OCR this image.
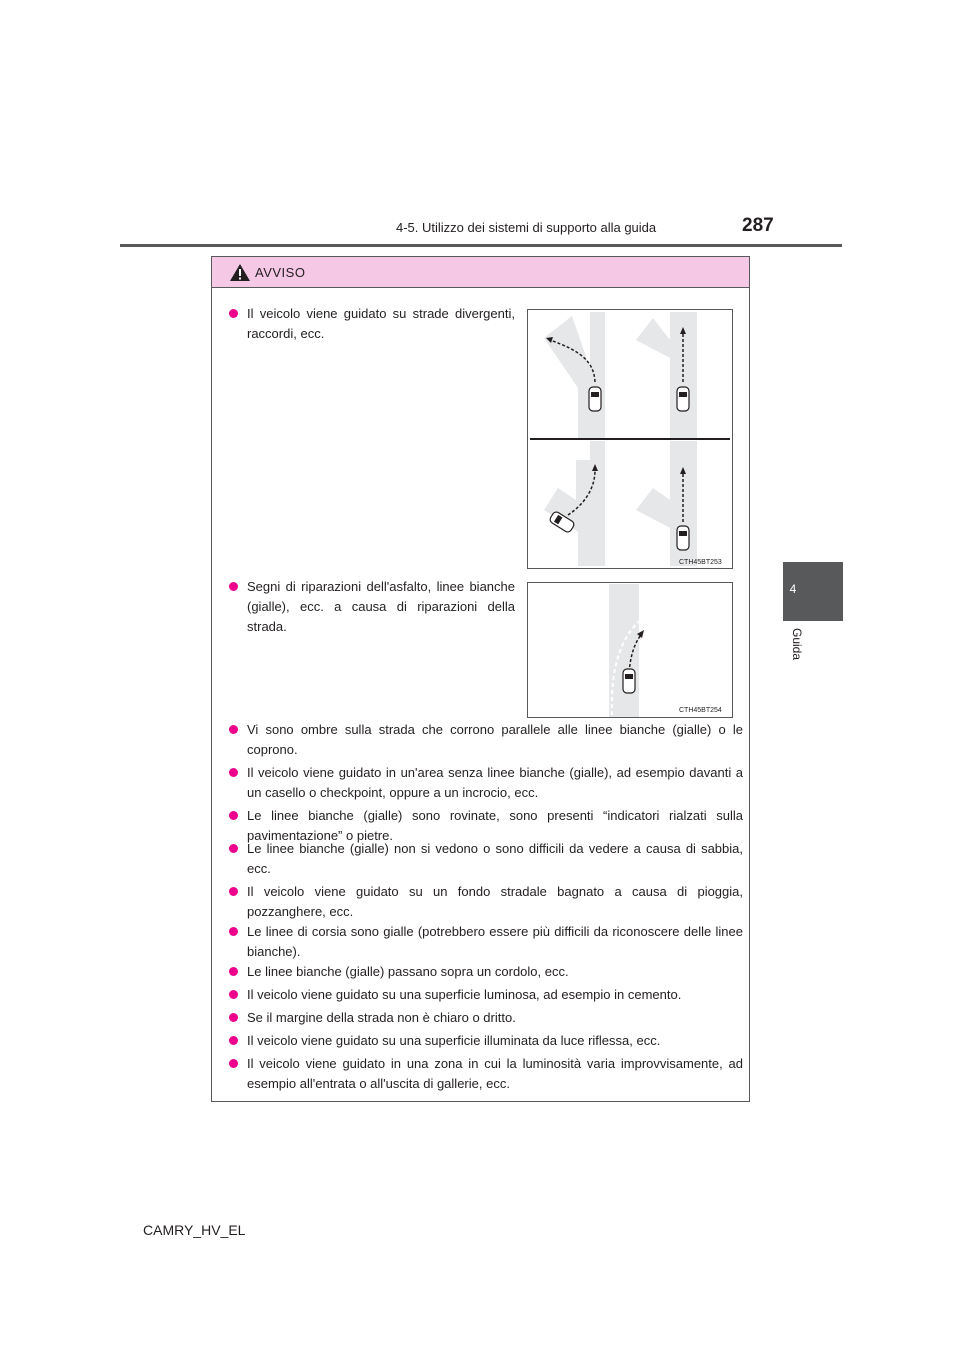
4-5. Utilizzo dei sistemi di supporto alla guida	287
4
Guida
AVVISO
Il veicolo viene guidato su strade divergenti, raccordi, ecc.
Segni di riparazioni dell'asfalto, linee bianche (gialle), ecc. a causa di riparazioni della strada.
CTH45BT253
CTH45BT254
Vi sono ombre sulla strada che corrono parallele alle linee bianche (gialle) o le coprono.
Il veicolo viene guidato in un'area senza linee bianche (gialle), ad esempio davanti a un casello o checkpoint, oppure a un incrocio, ecc.
Le linee bianche (gialle) sono rovinate, sono presenti “indicatori rialzati sulla pavimentazione” o pietre.
Le linee bianche (gialle) non si vedono o sono difficili da vedere a causa di sabbia, ecc.
Il veicolo viene guidato su un fondo stradale bagnato a causa di pioggia, pozzanghere, ecc.
Le linee di corsia sono gialle (potrebbero essere più difficili da riconoscere delle linee bianche).
Le linee bianche (gialle) passano sopra un cordolo, ecc.
Il veicolo viene guidato su una superficie luminosa, ad esempio in cemento.
Se il margine della strada non è chiaro o dritto.
Il veicolo viene guidato su una superficie illuminata da luce riflessa, ecc.
Il veicolo viene guidato in una zona in cui la luminosità varia improvvisamente, ad esempio all'entrata o all'uscita di gallerie, ecc.
CAMRY_HV_EL
